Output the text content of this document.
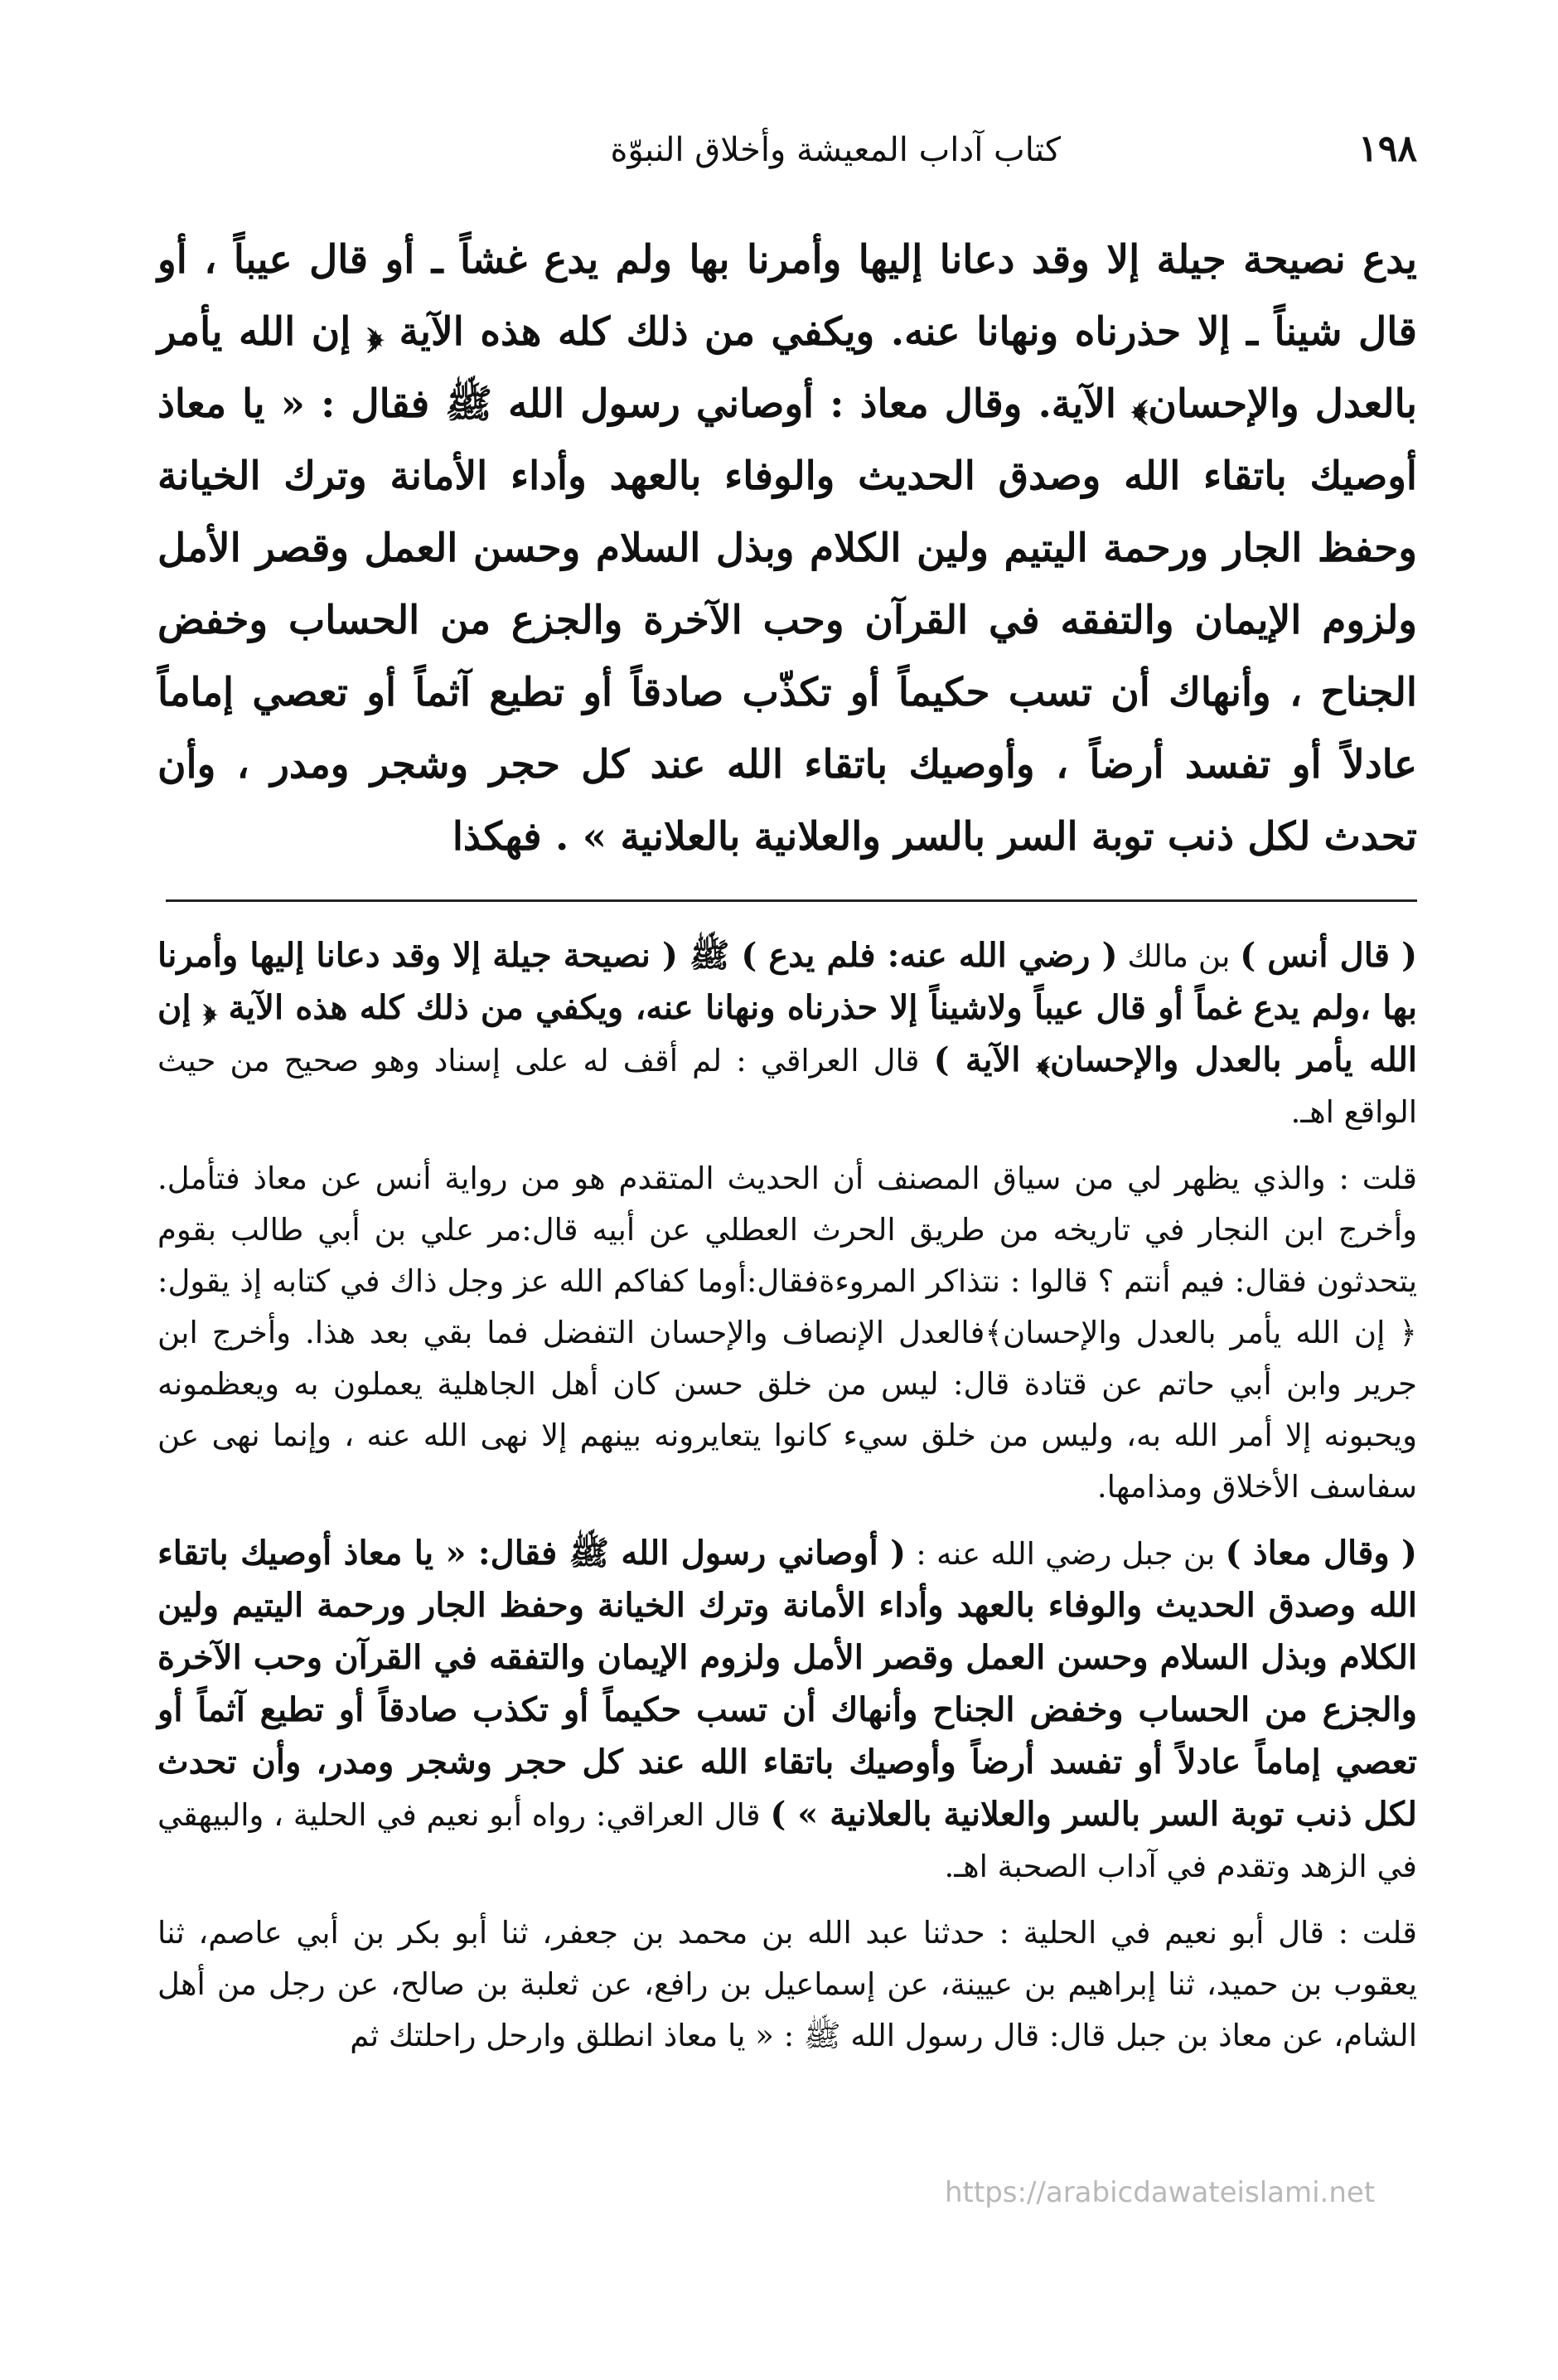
١٩٨
كتاب آداب المعيشة وأخلاق النبوّة
يدع نصيحة جيلة إلا وقد دعانا إليها وأمرنا بها ولم يدع غشاً ـ أو قال عيباً ، أو قال شيناً ـ إلا حذرناه ونهانا عنه. ويكفي من ذلك كله هذه الآية ﴿ إن الله يأمر بالعدل والإحسان﴾ الآية. وقال معاذ : أوصاني رسول الله ﷺ فقال : « يا معاذ أوصيك باتقاء الله وصدق الحديث والوفاء بالعهد وأداء الأمانة وترك الخيانة وحفظ الجار ورحمة اليتيم ولين الكلام وبذل السلام وحسن العمل وقصر الأمل ولزوم الإيمان والتفقه في القرآن وحب الآخرة والجزع من الحساب وخفض الجناح ، وأنهاك أن تسب حكيماً أو تكذّب صادقاً أو تطيع آثماً أو تعصي إماماً عادلاً أو تفسد أرضاً ، وأوصيك باتقاء الله عند كل حجر وشجر ومدر ، وأن تحدث لكل ذنب توبة السر بالسر والعلانية بالعلانية » . فهكذا

( قال أنس ) بن مالك ( رضي الله عنه: فلم يدع ) ﷺ ( نصيحة جيلة إلا وقد دعانا إليها وأمرنا بها ،ولم يدع غماً أو قال عيباً ولاشيناً إلا حذرناه ونهانا عنه، ويكفي من ذلك كله هذه الآية ﴿ إن الله يأمر بالعدل والإحسان﴾ الآية ) قال العراقي : لم أقف له على إسناد وهو صحيح من حيث الواقع اهـ.

قلت : والذي يظهر لي من سياق المصنف أن الحديث المتقدم هو من رواية أنس عن معاذ فتأمل. وأخرج ابن النجار في تاريخه من طريق الحرث العطلي عن أبيه قال:مر علي بن أبي طالب بقوم يتحدثون فقال: فيم أنتم ؟ قالوا : نتذاكر المروءةفقال:أوما كفاكم الله عز وجل ذاك في كتابه إذ يقول: ﴿ إن الله يأمر بالعدل والإحسان﴾فالعدل الإنصاف والإحسان التفضل فما بقي بعد هذا. وأخرج ابن جرير وابن أبي حاتم عن قتادة قال: ليس من خلق حسن كان أهل الجاهلية يعملون به ويعظمونه ويحبونه إلا أمر الله به، وليس من خلق سيء كانوا يتعايرونه بينهم إلا نهى الله عنه ، وإنما نهى عن سفاسف الأخلاق ومذامها.

( وقال معاذ ) بن جبل رضي الله عنه : ( أوصاني رسول الله ﷺ فقال: « يا معاذ أوصيك باتقاء الله وصدق الحديث والوفاء بالعهد وأداء الأمانة وترك الخيانة وحفظ الجار ورحمة اليتيم ولين الكلام وبذل السلام وحسن العمل وقصر الأمل ولزوم الإيمان والتفقه في القرآن وحب الآخرة والجزع من الحساب وخفض الجناح وأنهاك أن تسب حكيماً أو تكذب صادقاً أو تطيع آثماً أو تعصي إماماً عادلاً أو تفسد أرضاً وأوصيك باتقاء الله عند كل حجر وشجر ومدر، وأن تحدث لكل ذنب توبة السر بالسر والعلانية بالعلانية » ) قال العراقي: رواه أبو نعيم في الحلية ، والبيهقي في الزهد وتقدم في آداب الصحبة اهـ.

قلت : قال أبو نعيم في الحلية : حدثنا عبد الله بن محمد بن جعفر، ثنا أبو بكر بن أبي عاصم، ثنا يعقوب بن حميد، ثنا إبراهيم بن عيينة، عن إسماعيل بن رافع، عن ثعلبة بن صالح، عن رجل من أهل الشام، عن معاذ بن جبل قال: قال رسول الله ﷺ : « يا معاذ انطلق وارحل راحلتك ثم

https://arabicdawateislami.net
